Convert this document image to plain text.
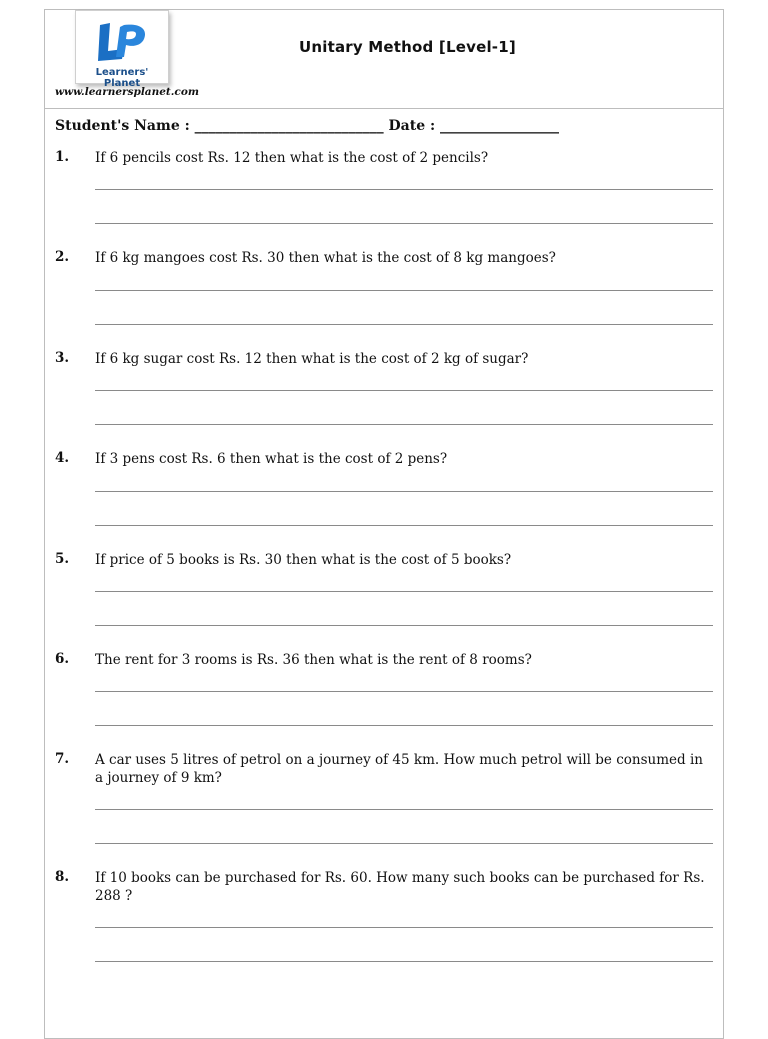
Learners' Planet
www.learnersplanet.com
Unitary Method [Level-1]
Student's Name : ___________________________ Date : _________________
1. If 6 pencils cost Rs. 12 then what is the cost of 2 pencils?
2. If 6 kg mangoes cost Rs. 30 then what is the cost of 8 kg mangoes?
3. If 6 kg sugar cost Rs. 12 then what is the cost of 2 kg of sugar?
4. If 3 pens cost Rs. 6 then what is the cost of 2 pens?
5. If price of 5 books is Rs. 30 then what is the cost of 5 books?
6. The rent for 3 rooms is Rs. 36 then what is the rent of 8 rooms?
7. A car uses 5 litres of petrol on a journey of 45 km. How much petrol will be consumed in a journey of 9 km?
8. If 10 books can be purchased for Rs. 60. How many such books can be purchased for Rs. 288 ?
